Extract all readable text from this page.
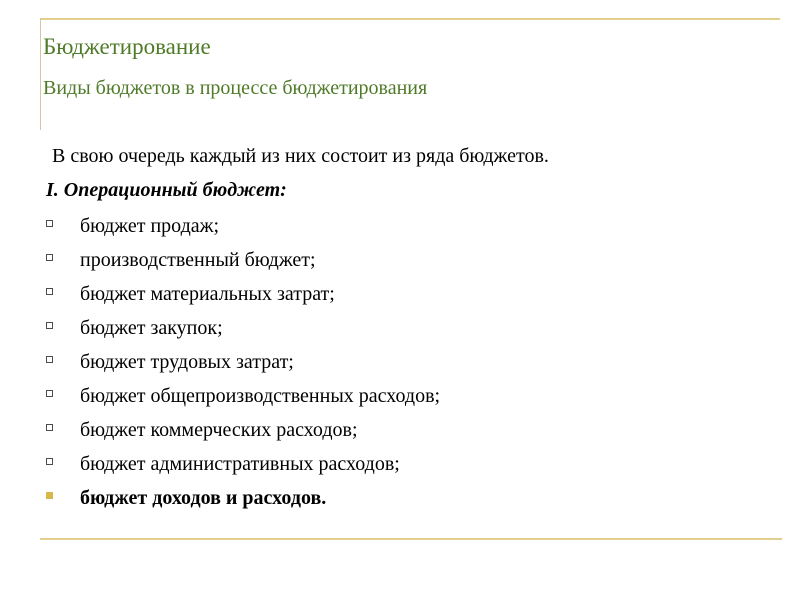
Бюджетирование
Виды бюджетов в процессе бюджетирования
В свою очередь каждый из них состоит из ряда бюджетов.
I. Операционный бюджет:
бюджет продаж;
производственный бюджет;
бюджет материальных затрат;
бюджет закупок;
бюджет трудовых затрат;
бюджет общепроизводственных расходов;
бюджет коммерческих расходов;
бюджет административных расходов;
бюджет доходов и расходов.
